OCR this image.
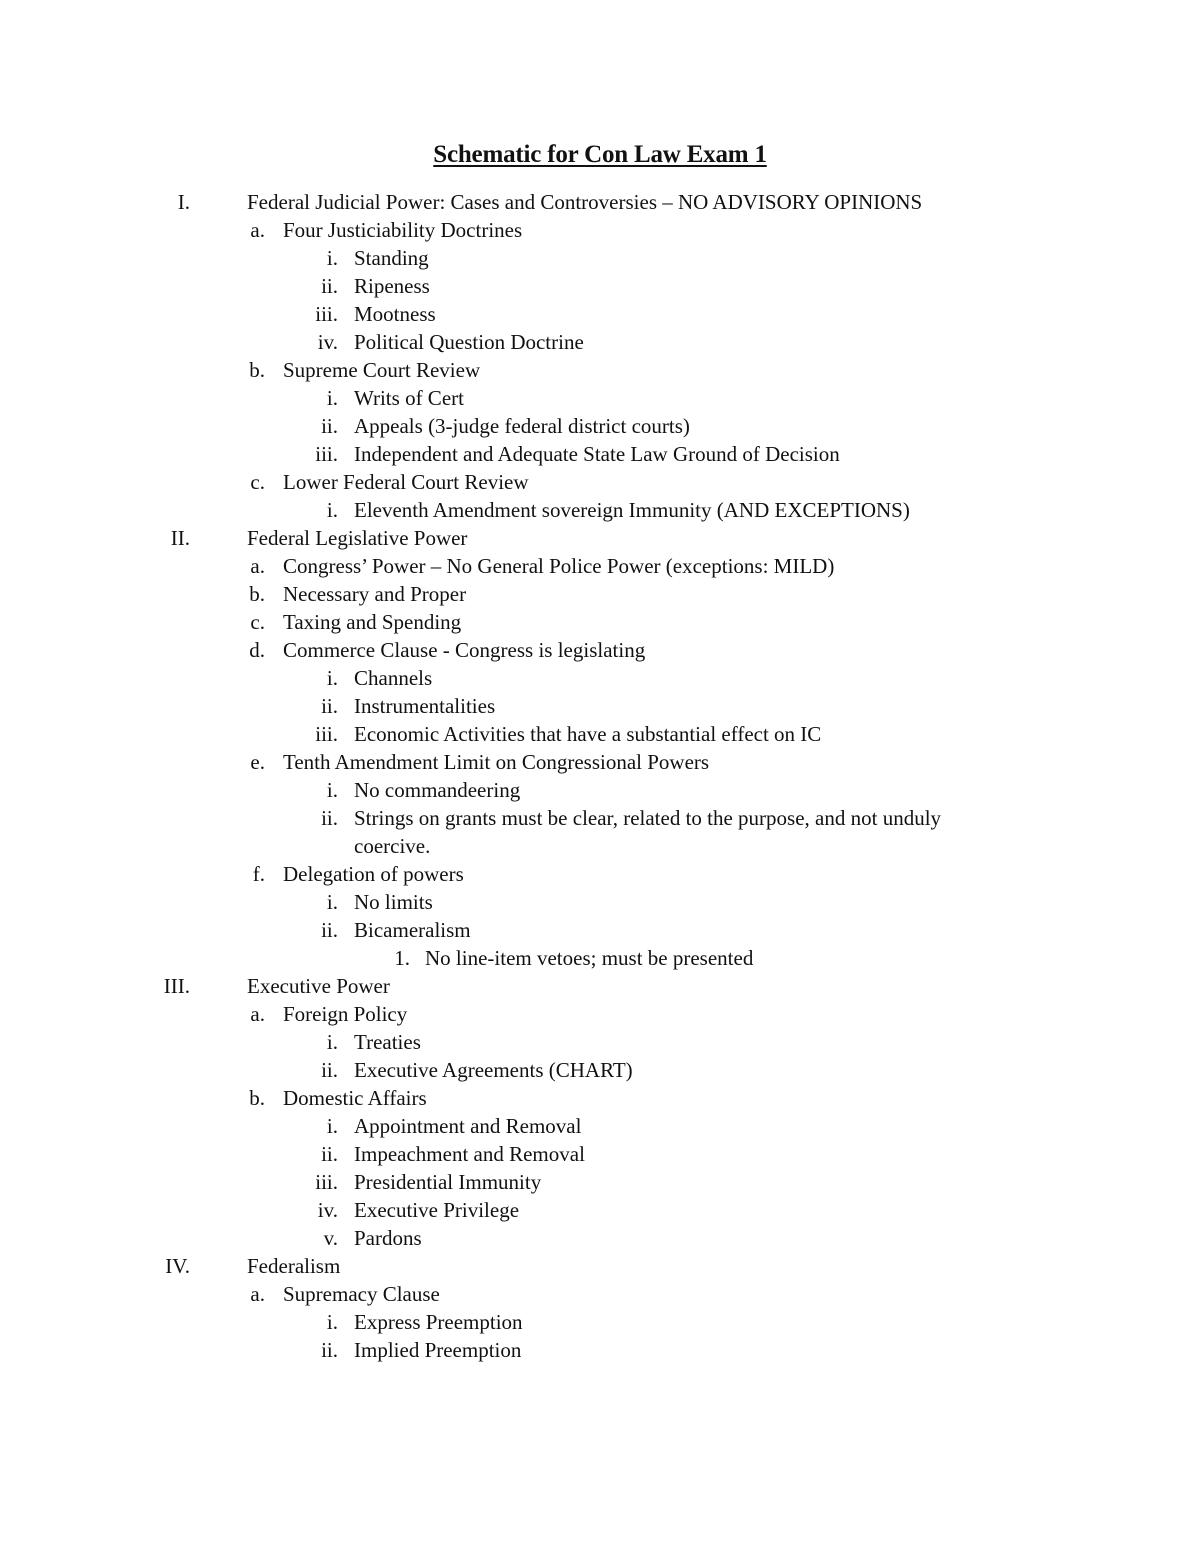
Schematic for Con Law Exam 1
I.	Federal Judicial Power: Cases and Controversies – NO ADVISORY OPINIONS
a. Four Justiciability Doctrines
i. Standing
ii. Ripeness
iii. Mootness
iv. Political Question Doctrine
b. Supreme Court Review
i. Writs of Cert
ii. Appeals (3-judge federal district courts)
iii. Independent and Adequate State Law Ground of Decision
c. Lower Federal Court Review
i. Eleventh Amendment sovereign Immunity (AND EXCEPTIONS)
II.	Federal Legislative Power
a. Congress’ Power – No General Police Power (exceptions: MILD)
b. Necessary and Proper
c. Taxing and Spending
d. Commerce Clause - Congress is legislating
i. Channels
ii. Instrumentalities
iii. Economic Activities that have a substantial effect on IC
e. Tenth Amendment Limit on Congressional Powers
i. No commandeering
ii. Strings on grants must be clear, related to the purpose, and not unduly coercive.
f. Delegation of powers
i. No limits
ii. Bicameralism
1. No line-item vetoes; must be presented
III.	Executive Power
a. Foreign Policy
i. Treaties
ii. Executive Agreements (CHART)
b. Domestic Affairs
i. Appointment and Removal
ii. Impeachment and Removal
iii. Presidential Immunity
iv. Executive Privilege
v. Pardons
IV.	Federalism
a. Supremacy Clause
i. Express Preemption
ii. Implied Preemption
